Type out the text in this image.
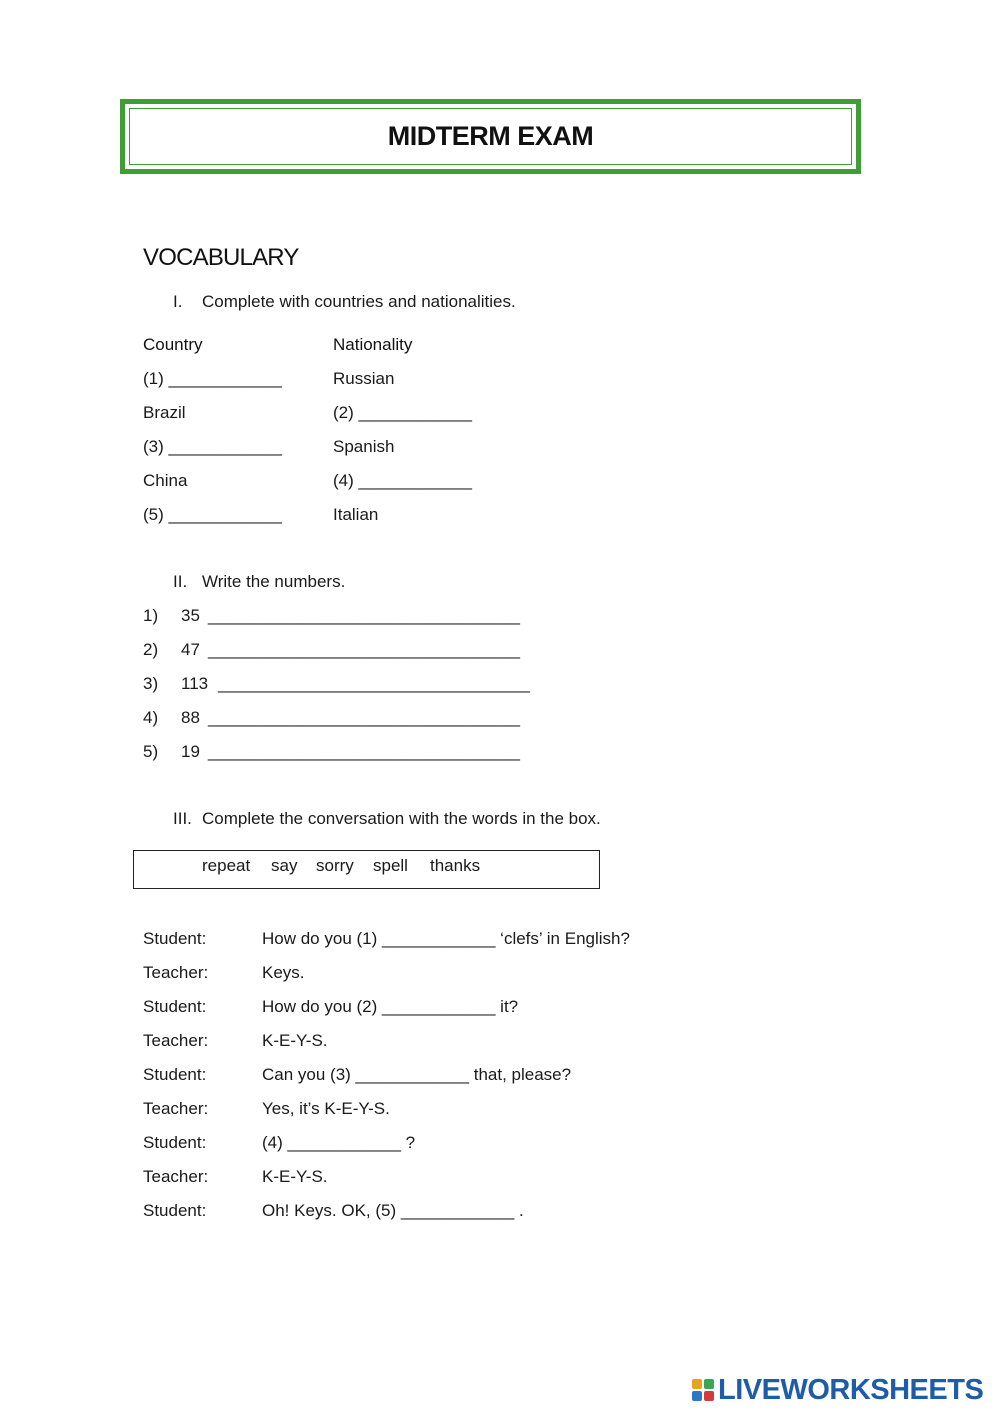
MIDTERM EXAM
VOCABULARY
I. Complete with countries and nationalities.
Country	Nationality
(1) ____________	Russian
Brazil	(2) ____________
(3) ____________	Spanish
China	(4) ____________
(5) ____________	Italian
II. Write the numbers.
1) 35 _________________________________
2) 47 _________________________________
3) 113 _________________________________
4) 88 _________________________________
5) 19 _________________________________
III. Complete the conversation with the words in the box.
repeat say sorry spell thanks
Student:	How do you (1) ____________ ‘clefs’ in English?
Teacher:	Keys.
Student:	How do you (2) ____________ it?
Teacher:	K-E-Y-S.
Student:	Can you (3) ____________ that, please?
Teacher:	Yes, it’s K-E-Y-S.
Student:	(4) ____________ ?
Teacher:	K-E-Y-S.
Student:	Oh! Keys. OK, (5) ____________ .
LIVEWORKSHEETS
